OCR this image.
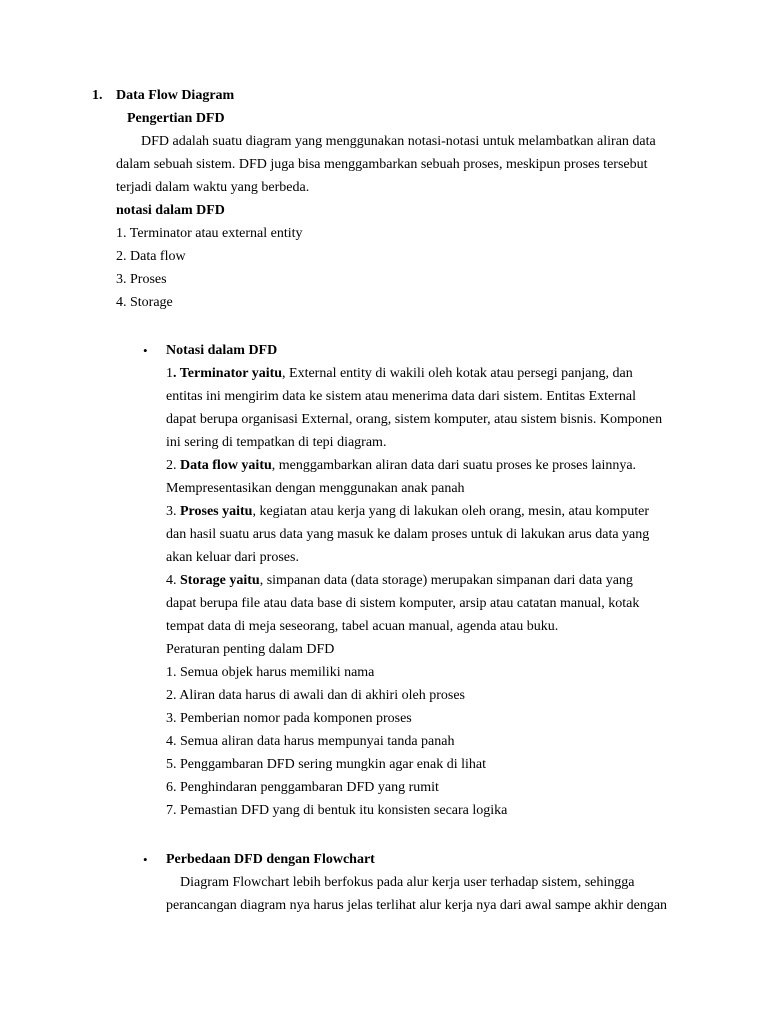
1. Data Flow Diagram
Pengertian DFD
DFD adalah suatu diagram yang menggunakan notasi-notasi untuk melambatkan aliran data
dalam sebuah sistem. DFD juga bisa menggambarkan sebuah proses, meskipun proses tersebut
terjadi dalam waktu yang berbeda.
notasi dalam DFD
1. Terminator atau external entity
2. Data flow
3. Proses
4. Storage
• Notasi dalam DFD
1. Terminator yaitu, External entity di wakili oleh kotak atau persegi panjang, dan
entitas ini mengirim data ke sistem atau menerima data dari sistem. Entitas External
dapat berupa organisasi External, orang, sistem komputer, atau sistem bisnis. Komponen
ini sering di tempatkan di tepi diagram.
2. Data flow yaitu, menggambarkan aliran data dari suatu proses ke proses lainnya.
Mempresentasikan dengan menggunakan anak panah
3. Proses yaitu, kegiatan atau kerja yang di lakukan oleh orang, mesin, atau komputer
dan hasil suatu arus data yang masuk ke dalam proses untuk di lakukan arus data yang
akan keluar dari proses.
4. Storage yaitu, simpanan data (data storage) merupakan simpanan dari data yang
dapat berupa file atau data base di sistem komputer, arsip atau catatan manual, kotak
tempat data di meja seseorang, tabel acuan manual, agenda atau buku.
Peraturan penting dalam DFD
1. Semua objek harus memiliki nama
2. Aliran data harus di awali dan di akhiri oleh proses
3. Pemberian nomor pada komponen proses
4. Semua aliran data harus mempunyai tanda panah
5. Penggambaran DFD sering mungkin agar enak di lihat
6. Penghindaran penggambaran DFD yang rumit
7. Pemastian DFD yang di bentuk itu konsisten secara logika
• Perbedaan DFD dengan Flowchart
Diagram Flowchart lebih berfokus pada alur kerja user terhadap sistem, sehingga
perancangan diagram nya harus jelas terlihat alur kerja nya dari awal sampe akhir dengan
